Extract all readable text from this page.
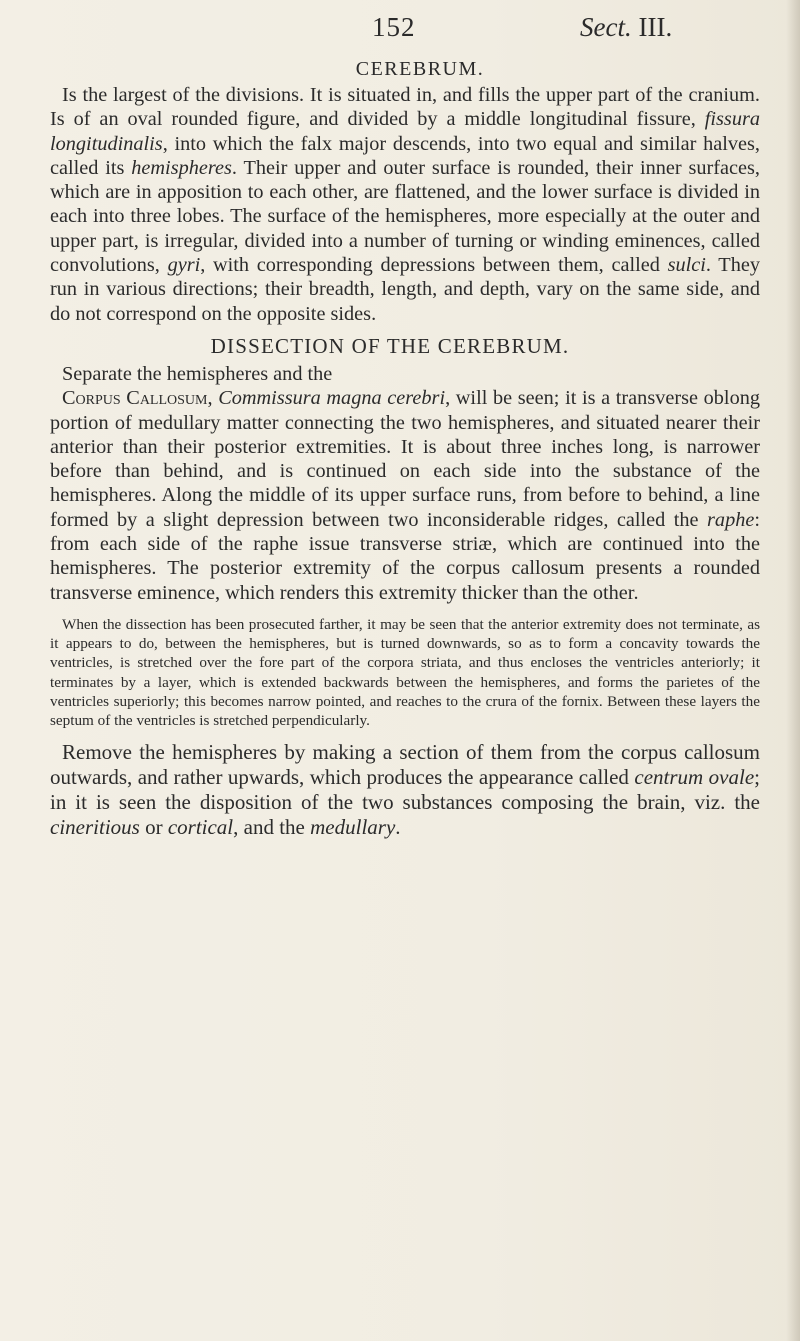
152	Sect. III.
CEREBRUM.

Is the largest of the divisions. It is situated in, and fills the upper part of the cranium. Is of an oval rounded figure, and divided by a middle longitudinal fissure, fissura longitudinalis, into which the falx major descends, into two equal and similar halves, called its hemispheres. Their upper and outer surface is rounded, their inner surfaces, which are in apposition to each other, are flattened, and the lower surface is divided in each into three lobes. The surface of the hemispheres, more especially at the outer and upper part, is irregular, divided into a number of turning or winding eminences, called convolutions, gyri, with corresponding depressions between them, called sulci. They run in various directions; their breadth, length, and depth, vary on the same side, and do not correspond on the opposite sides.

DISSECTION OF THE CEREBRUM.
Separate the hemispheres and the

Corpus Callosum, Commissura magna cerebri, will be seen; it is a transverse oblong portion of medullary matter connecting the two hemispheres, and situated nearer their anterior than their posterior extremities. It is about three inches long, is narrower before than behind, and is continued on each side into the substance of the hemispheres. Along the middle of its upper surface runs, from before to behind, a line formed by a slight depression between two inconsiderable ridges, called the raphe: from each side of the raphe issue transverse striæ, which are continued into the hemispheres. The posterior extremity of the corpus callosum presents a rounded transverse eminence, which renders this extremity thicker than the other.

When the dissection has been prosecuted farther, it may be seen that the anterior extremity does not terminate, as it appears to do, between the hemispheres, but is turned downwards, so as to form a concavity towards the ventricles, is stretched over the fore part of the corpora striata, and thus encloses the ventricles anteriorly; it terminates by a layer, which is extended backwards between the hemispheres, and forms the parietes of the ventricles superiorly; this becomes narrow pointed, and reaches to the crura of the fornix. Between these layers the septum of the ventricles is stretched perpendicularly.

Remove the hemispheres by making a section of them from the corpus callosum outwards, and rather upwards, which produces the appearance called centrum ovale; in it is seen the disposition of the two substances composing the brain, viz. the cineritious or cortical, and the medullary.
